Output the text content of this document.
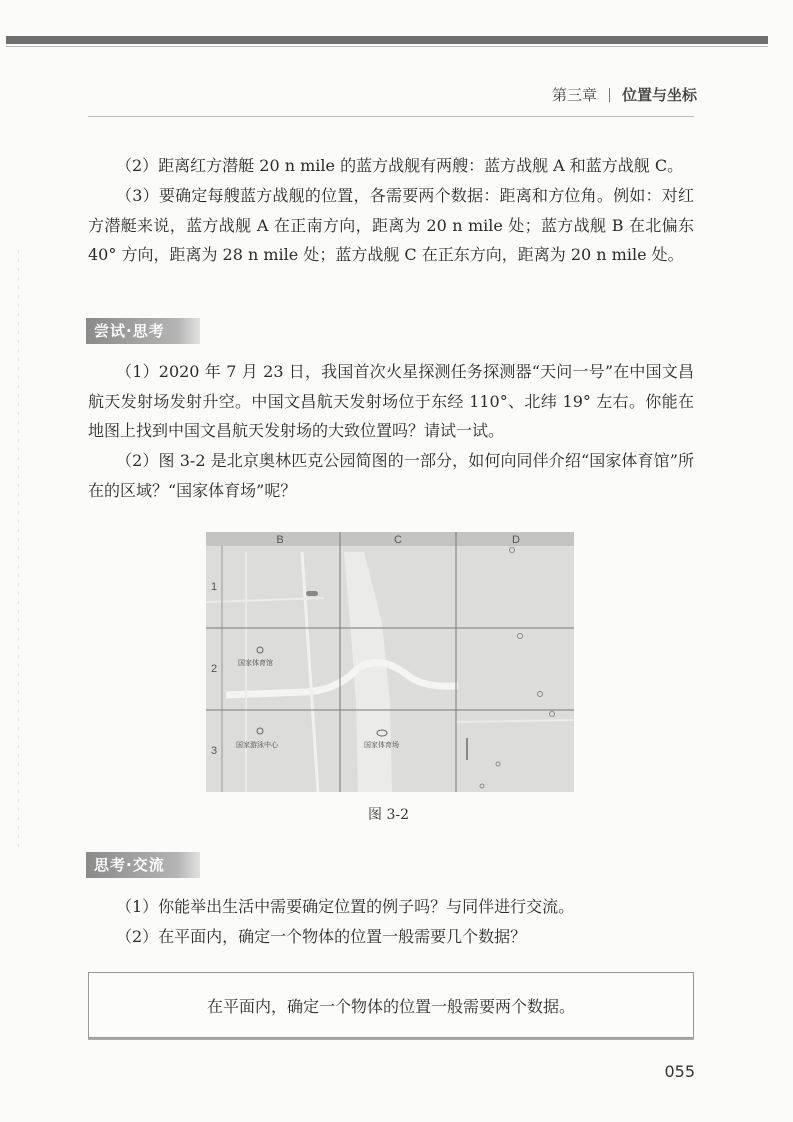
第三章 位置与坐标

（2）距离红方潜艇 20 n mile 的蓝方战舰有两艘：蓝方战舰 A 和蓝方战舰 C。

（3）要确定每艘蓝方战舰的位置，各需要两个数据：距离和方位角。例如：对红方潜艇来说，蓝方战舰 A 在正南方向，距离为 20 n mile 处；蓝方战舰 B 在北偏东 40° 方向，距离为 28 n mile 处；蓝方战舰 C 在正东方向，距离为 20 n mile 处。

尝试·思考

（1）2020 年 7 月 23 日，我国首次火星探测任务探测器“天问一号”在中国文昌航天发射场发射升空。中国文昌航天发射场位于东经 110°、北纬 19° 左右。你能在地图上找到中国文昌航天发射场的大致位置吗？请试一试。

（2）图 3-2 是北京奥林匹克公园简图的一部分，如何向同伴介绍“国家体育馆”所在的区域？“国家体育场”呢？

B	C	D
1
2
3
国家体育馆
国家游泳中心	国家体育场
图 3-2
思考·交流

（1）你能举出生活中需要确定位置的例子吗？与同伴进行交流。

（2）在平面内，确定一个物体的位置一般需要几个数据？

在平面内，确定一个物体的位置一般需要两个数据。
055
